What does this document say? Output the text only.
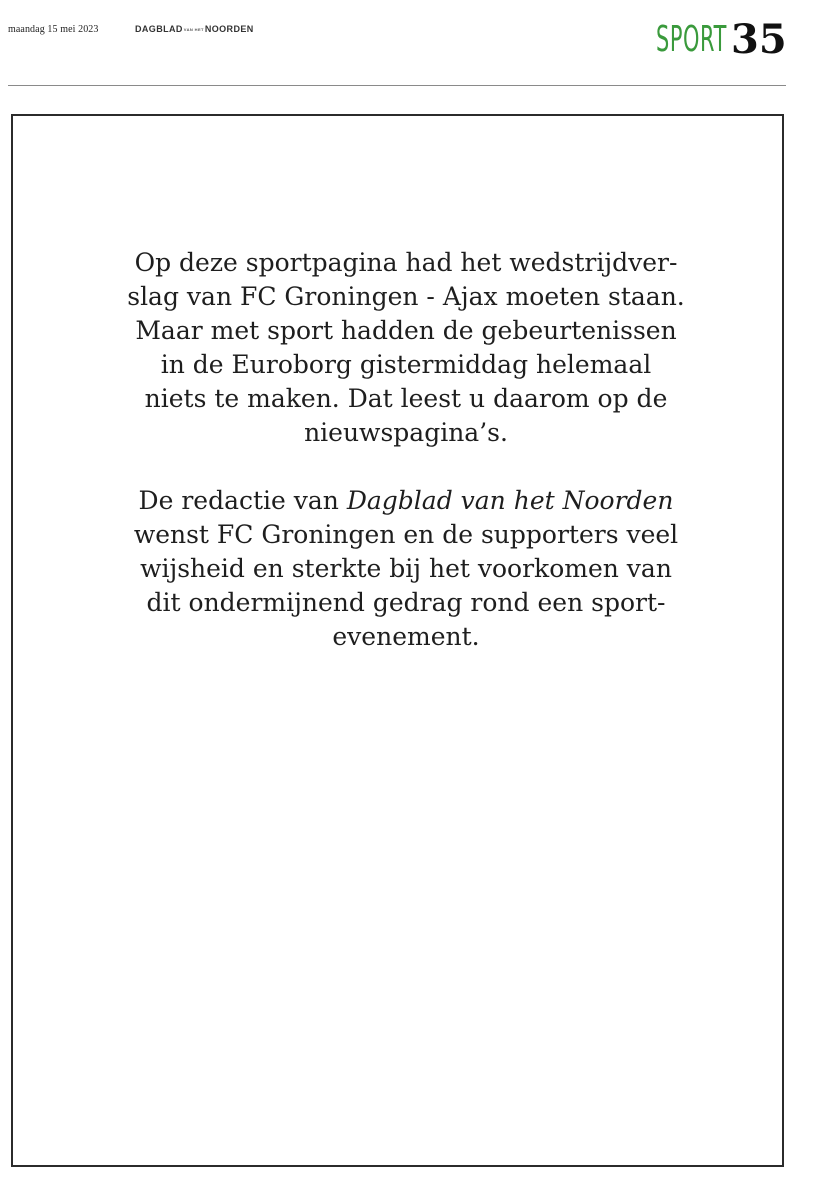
maandag 15 mei 2023	DAGBLADVAN HETNOORDEN	SPORT 35

Op deze sportpagina had het wedstrijdver-
slag van FC Groningen - Ajax moeten staan.
Maar met sport hadden de gebeurtenissen
in de Euroborg gistermiddag helemaal
niets te maken. Dat leest u daarom op de
nieuwspagina’s.

De redactie van Dagblad van het Noorden
wenst FC Groningen en de supporters veel
wijsheid en sterkte bij het voorkomen van
dit ondermijnend gedrag rond een sport-
evenement.
